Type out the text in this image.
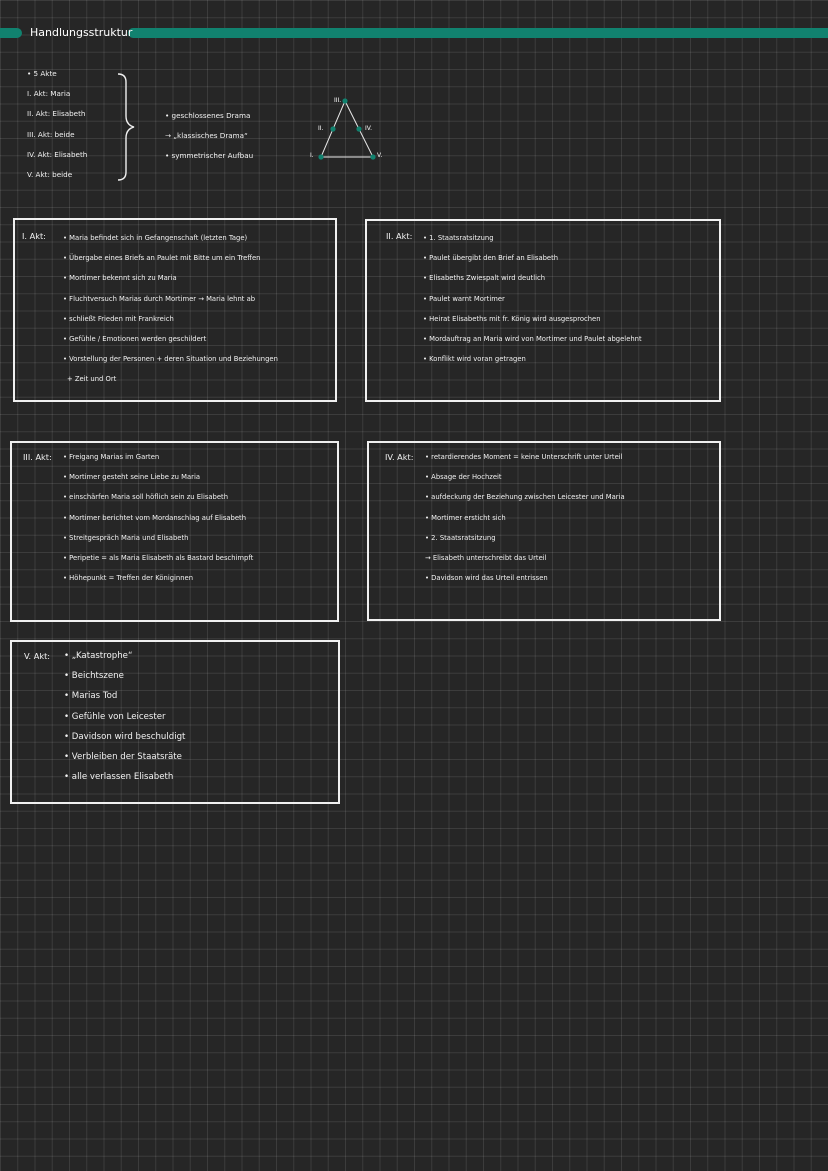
Handlungsstruktur
• 5 Akte
I. Akt: Maria
II. Akt: Elisabeth
III. Akt: beide
IV. Akt: Elisabeth
V. Akt: beide
• geschlossenes Drama
→ „klassisches Drama“
• symmetrischer Aufbau
III.
II.	IV.
I.	V.
I. Akt:	• Maria befindet sich in Gefangenschaft (letzten Tage)
• Übergabe eines Briefs an Paulet mit Bitte um ein Treffen
• Mortimer bekennt sich zu Maria
• Fluchtversuch Marias durch Mortimer → Maria lehnt ab
• schließt Frieden mit Frankreich
• Gefühle / Emotionen werden geschildert
• Vorstellung der Personen + deren Situation und Beziehungen
+ Zeit und Ort
II. Akt: • 1. Staatsratsitzung
• Paulet übergibt den Brief an Elisabeth
• Elisabeths Zwiespalt wird deutlich
• Paulet warnt Mortimer
• Heirat Elisabeths mit fr. König wird ausgesprochen
• Mordauftrag an Maria wird von Mortimer und Paulet abgelehnt
• Konflikt wird voran getragen
III. Akt: • Freigang Marias im Garten
• Mortimer gesteht seine Liebe zu Maria
• einschärfen Maria soll höflich sein zu Elisabeth
• Mortimer berichtet vom Mordanschlag auf Elisabeth
• Streitgespräch Maria und Elisabeth
• Peripetie = als Maria Elisabeth als Bastard beschimpft
• Höhepunkt = Treffen der Königinnen
IV. Akt: • retardierendes Moment = keine Unterschrift unter Urteil
• Absage der Hochzeit
• aufdeckung der Beziehung zwischen Leicester und Maria
• Mortimer ersticht sich
• 2. Staatsratsitzung
→ Elisabeth unterschreibt das Urteil
• Davidson wird das Urteil entrissen
V. Akt: • „Katastrophe“
• Beichtszene
• Marias Tod
• Gefühle von Leicester
• Davidson wird beschuldigt
• Verbleiben der Staatsräte
• alle verlassen Elisabeth
